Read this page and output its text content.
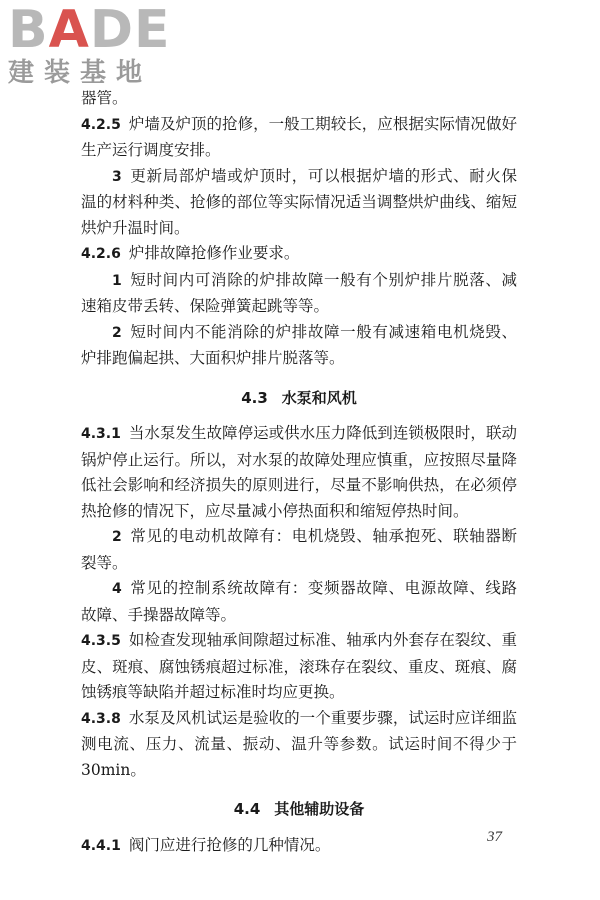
BADE
建装基地

器管。

4.2.5 炉墙及炉顶的抢修，一般工期较长，应根据实际情况做好生产运行调度安排。

3 更新局部炉墙或炉顶时，可以根据炉墙的形式、耐火保温的材料种类、抢修的部位等实际情况适当调整烘炉曲线、缩短烘炉升温时间。

4.2.6 炉排故障抢修作业要求。

1 短时间内可消除的炉排故障一般有个别炉排片脱落、减速箱皮带丢转、保险弹簧起跳等等。

2 短时间内不能消除的炉排故障一般有减速箱电机烧毁、炉排跑偏起拱、大面积炉排片脱落等。

4.3 水泵和风机

4.3.1 当水泵发生故障停运或供水压力降低到连锁极限时，联动锅炉停止运行。所以，对水泵的故障处理应慎重，应按照尽量降低社会影响和经济损失的原则进行，尽量不影响供热，在必须停热抢修的情况下，应尽量减小停热面积和缩短停热时间。

2 常见的电动机故障有：电机烧毁、轴承抱死、联轴器断裂等。

4 常见的控制系统故障有：变频器故障、电源故障、线路故障、手操器故障等。

4.3.5 如检查发现轴承间隙超过标准、轴承内外套存在裂纹、重皮、斑痕、腐蚀锈痕超过标准，滚珠存在裂纹、重皮、斑痕、腐蚀锈痕等缺陷并超过标准时均应更换。

4.3.8 水泵及风机试运是验收的一个重要步骤，试运时应详细监测电流、压力、流量、振动、温升等参数。试运时间不得少于30min。

4.4 其他辅助设备

4.4.1 阀门应进行抢修的几种情况。	37
